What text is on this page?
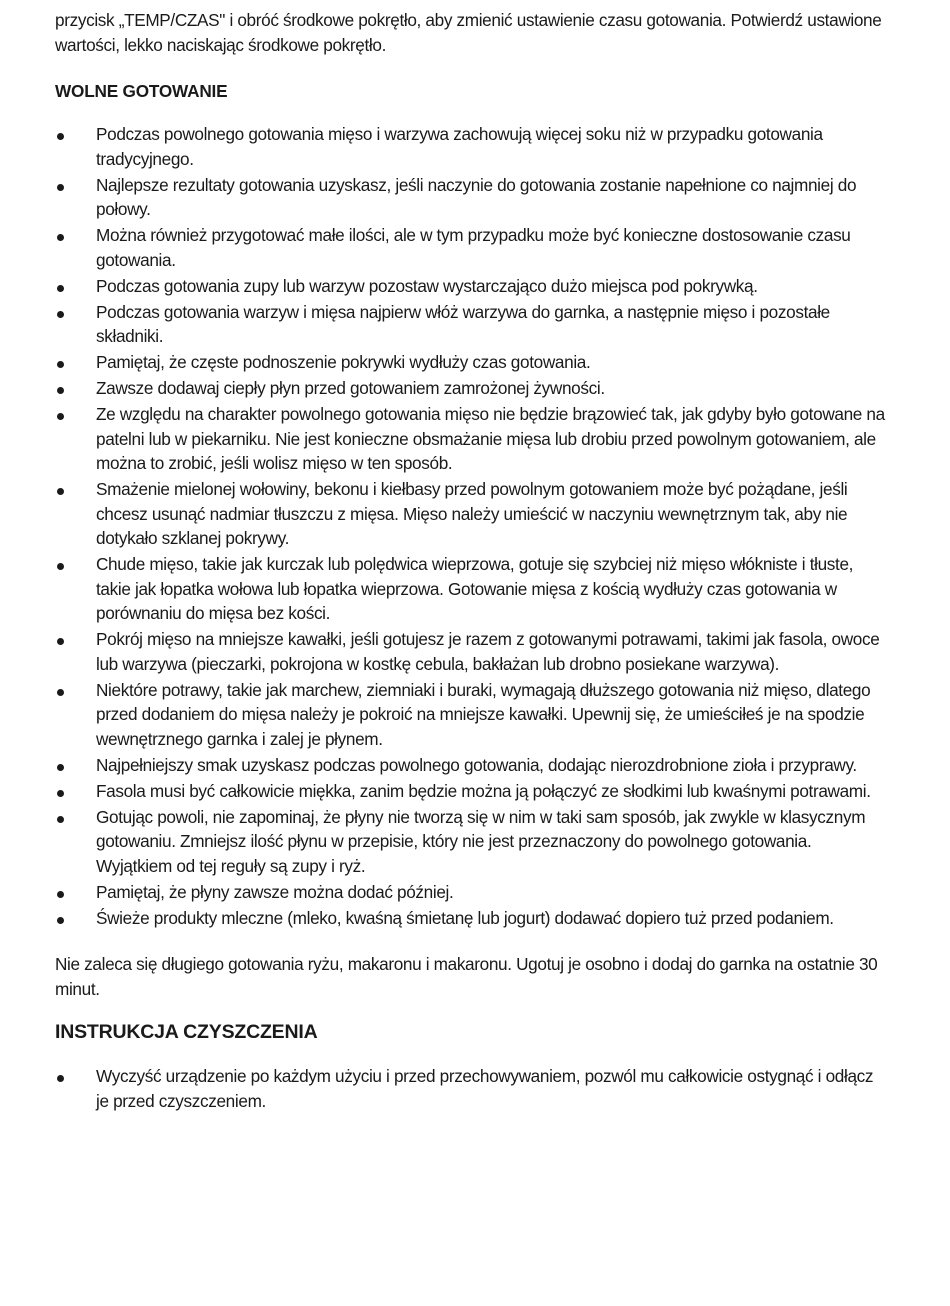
przycisk „TEMP/CZAS" i obróć środkowe pokrętło, aby zmienić ustawienie czasu gotowania. Potwierdź ustawione wartości, lekko naciskając środkowe pokrętło.

WOLNE GOTOWANIE
Podczas powolnego gotowania mięso i warzywa zachowują więcej soku niż w przypadku gotowania tradycyjnego.
Najlepsze rezultaty gotowania uzyskasz, jeśli naczynie do gotowania zostanie napełnione co najmniej do połowy.
Można również przygotować małe ilości, ale w tym przypadku może być konieczne dostosowanie czasu gotowania.
Podczas gotowania zupy lub warzyw pozostaw wystarczająco dużo miejsca pod pokrywką.
Podczas gotowania warzyw i mięsa najpierw włóż warzywa do garnka, a następnie mięso i pozostałe składniki.
Pamiętaj, że częste podnoszenie pokrywki wydłuży czas gotowania.
Zawsze dodawaj ciepły płyn przed gotowaniem zamrożonej żywności.
Ze względu na charakter powolnego gotowania mięso nie będzie brązowieć tak, jak gdyby było gotowane na patelni lub w piekarniku. Nie jest konieczne obsmażanie mięsa lub drobiu przed powolnym gotowaniem, ale można to zrobić, jeśli wolisz mięso w ten sposób.
Smażenie mielonej wołowiny, bekonu i kiełbasy przed powolnym gotowaniem może być pożądane, jeśli chcesz usunąć nadmiar tłuszczu z mięsa. Mięso należy umieścić w naczyniu wewnętrznym tak, aby nie dotykało szklanej pokrywy.
Chude mięso, takie jak kurczak lub polędwica wieprzowa, gotuje się szybciej niż mięso włókniste i tłuste, takie jak łopatka wołowa lub łopatka wieprzowa. Gotowanie mięsa z kością wydłuży czas gotowania w porównaniu do mięsa bez kości.
Pokrój mięso na mniejsze kawałki, jeśli gotujesz je razem z gotowanymi potrawami, takimi jak fasola, owoce lub warzywa (pieczarki, pokrojona w kostkę cebula, bakłażan lub drobno posiekane warzywa).
Niektóre potrawy, takie jak marchew, ziemniaki i buraki, wymagają dłuższego gotowania niż mięso, dlatego przed dodaniem do mięsa należy je pokroić na mniejsze kawałki. Upewnij się, że umieściłeś je na spodzie wewnętrznego garnka i zalej je płynem.
Najpełniejszy smak uzyskasz podczas powolnego gotowania, dodając nierozdrobnione zioła i przyprawy.
Fasola musi być całkowicie miękka, zanim będzie można ją połączyć ze słodkimi lub kwaśnymi potrawami.
Gotując powoli, nie zapominaj, że płyny nie tworzą się w nim w taki sam sposób, jak zwykle w klasycznym gotowaniu. Zmniejsz ilość płynu w przepisie, który nie jest przeznaczony do powolnego gotowania. Wyjątkiem od tej reguły są zupy i ryż.
Pamiętaj, że płyny zawsze można dodać później.
Świeże produkty mleczne (mleko, kwaśną śmietanę lub jogurt) dodawać dopiero tuż przed podaniem.

Nie zaleca się długiego gotowania ryżu, makaronu i makaronu. Ugotuj je osobno i dodaj do garnka na ostatnie 30 minut.

INSTRUKCJA CZYSZCZENIA
Wyczyść urządzenie po każdym użyciu i przed przechowywaniem, pozwól mu całkowicie ostygnąć i odłącz je przed czyszczeniem.
